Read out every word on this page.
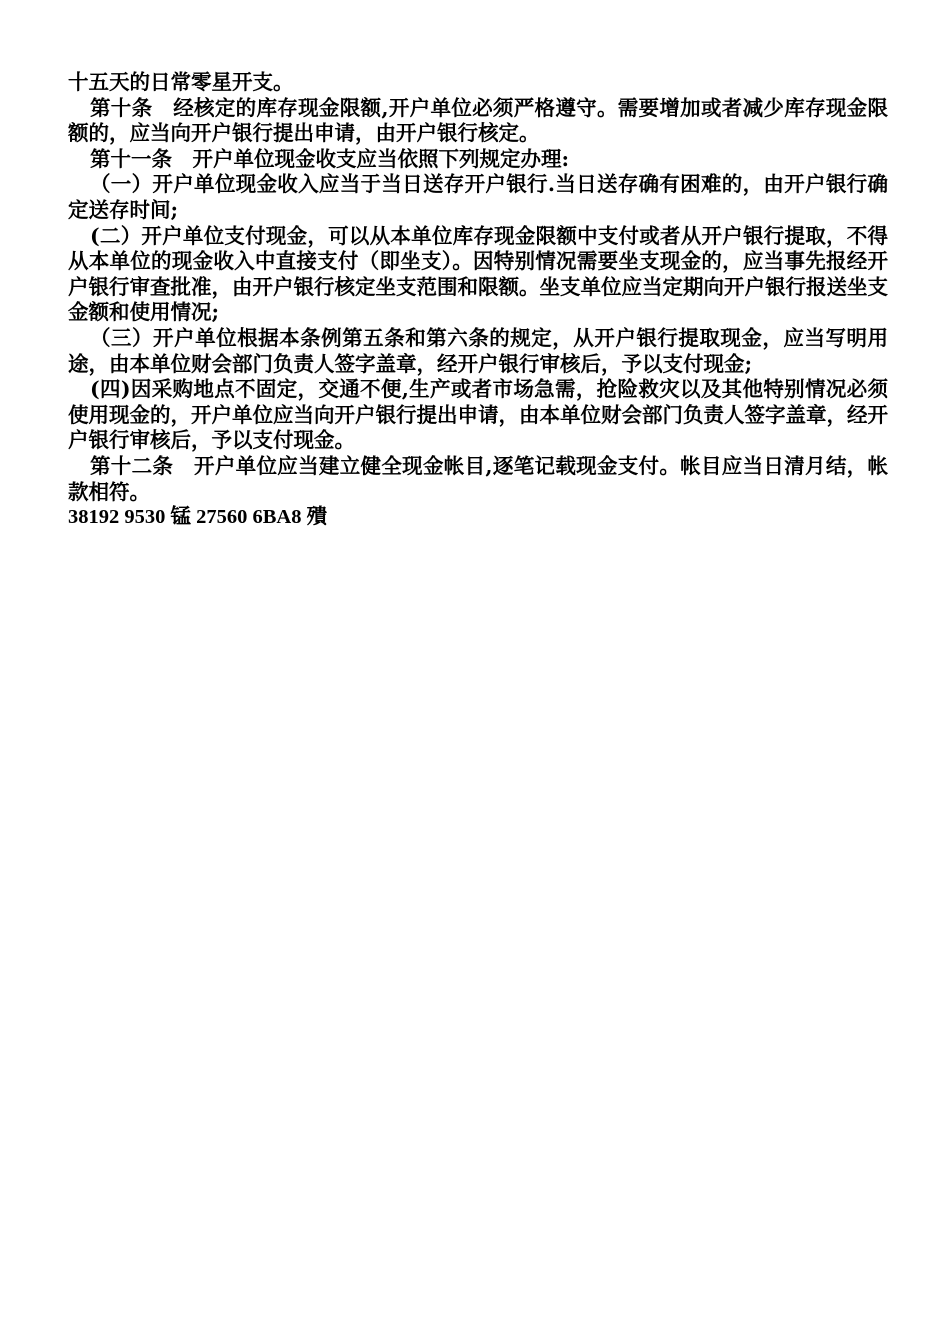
十五天的日常零星开支。

第十条　经核定的库存现金限额,开户单位必须严格遵守。需要增加或者减少库存现金限额的，应当向开户银行提出申请，由开户银行核定。

第十一条　开户单位现金收支应当依照下列规定办理:

（一）开户单位现金收入应当于当日送存开户银行.当日送存确有困难的，由开户银行确定送存时间;

(二）开户单位支付现金，可以从本单位库存现金限额中支付或者从开户银行提取，不得从本单位的现金收入中直接支付（即坐支）。因特别情况需要坐支现金的，应当事先报经开户银行审查批准，由开户银行核定坐支范围和限额。坐支单位应当定期向开户银行报送坐支金额和使用情况;

（三）开户单位根据本条例第五条和第六条的规定，从开户银行提取现金，应当写明用途，由本单位财会部门负责人签字盖章，经开户银行审核后，予以支付现金;

(四)因采购地点不固定，交通不便,生产或者市场急需，抢险救灾以及其他特别情况必须使用现金的，开户单位应当向开户银行提出申请，由本单位财会部门负责人签字盖章，经开户银行审核后，予以支付现金。

第十二条　开户单位应当建立健全现金帐目,逐笔记载现金支付。帐目应当日清月结，帐款相符。

38192 9530 锰 27560 6BA8 殨
